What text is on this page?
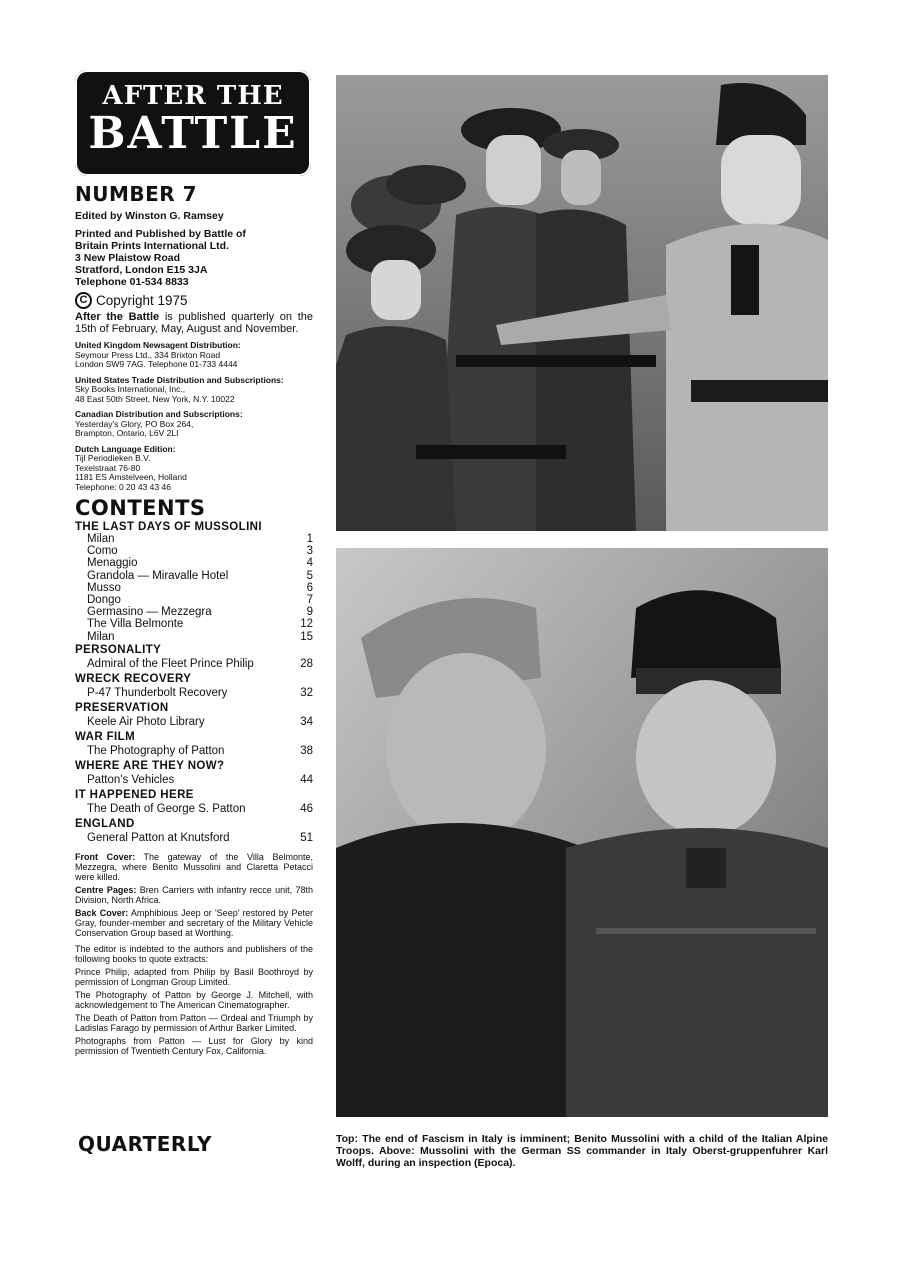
AFTER THE
BATTLE
NUMBER 7
Edited by Winston G. Ramsey
Printed and Published by Battle of
Britain Prints International Ltd.
3 New Plaistow Road
Stratford, London E15 3JA
Telephone 01-534 8833
C Copyright 1975
After the Battle is published quarterly on the 15th of February, May, August and November.
United Kingdom Newsagent Distribution:
Seymour Press Ltd., 334 Brixton Road
London SW9 7AG. Telephone 01-733 4444
United States Trade Distribution and Subscriptions:
Sky Books International, Inc.,
48 East 50th Street, New York, N.Y. 10022
Canadian Distribution and Subscriptions:
Yesterday's Glory, PO Box 264,
Brampton, Ontario, L6V 2LI
Dutch Language Edition:
Tijl Periodieken B.V.
Texelstraat 76-80
1181 ES Amstelveen, Holland
Telephone: 0 20 43 43 46
CONTENTS
THE LAST DAYS OF MUSSOLINI
Milan	1
Como	3
Menaggio	4
Grandola — Miravalle Hotel	5
Musso	6
Dongo	7
Germasino — Mezzegra	9
The Villa Belmonte	12
Milan	15
PERSONALITY
Admiral of the Fleet Prince Philip	28
WRECK RECOVERY
P-47 Thunderbolt Recovery	32
PRESERVATION
Keele Air Photo Library	34
WAR FILM
The Photography of Patton	38
WHERE ARE THEY NOW?
Patton's Vehicles	44
IT HAPPENED HERE
The Death of George S. Patton	46
ENGLAND
General Patton at Knutsford	51

Front Cover: The gateway of the Villa Belmonte, Mezzegra, where Benito Mussolini and Claretta Petacci were killed.

Centre Pages: Bren Carriers with infantry recce unit, 78th Division, North Africa.

Back Cover: Amphibious Jeep or 'Seep' restored by Peter Gray, founder-member and secretary of the Military Vehicle Conservation Group based at Worthing.

The editor is indebted to the authors and publishers of the following books to quote extracts:

Prince Philip, adapted from Philip by Basil Boothroyd by permission of Longman Group Limited.

The Photography of Patton by George J. Mitchell, with acknowledgement to The American Cinematographer.

The Death of Patton from Patton — Ordeal and Triumph by Ladislas Farago by permission of Arthur Barker Limited.

Photographs from Patton — Lust for Glory by kind permission of Twentieth Century Fox, California.

QUARTERLY	Top: The end of Fascism in Italy is imminent; Benito Mussolini with a child of the Italian Alpine Troops. Above: Mussolini with the German SS commander in Italy Oberst-gruppenfuhrer Karl Wolff, during an inspection (Epoca).
